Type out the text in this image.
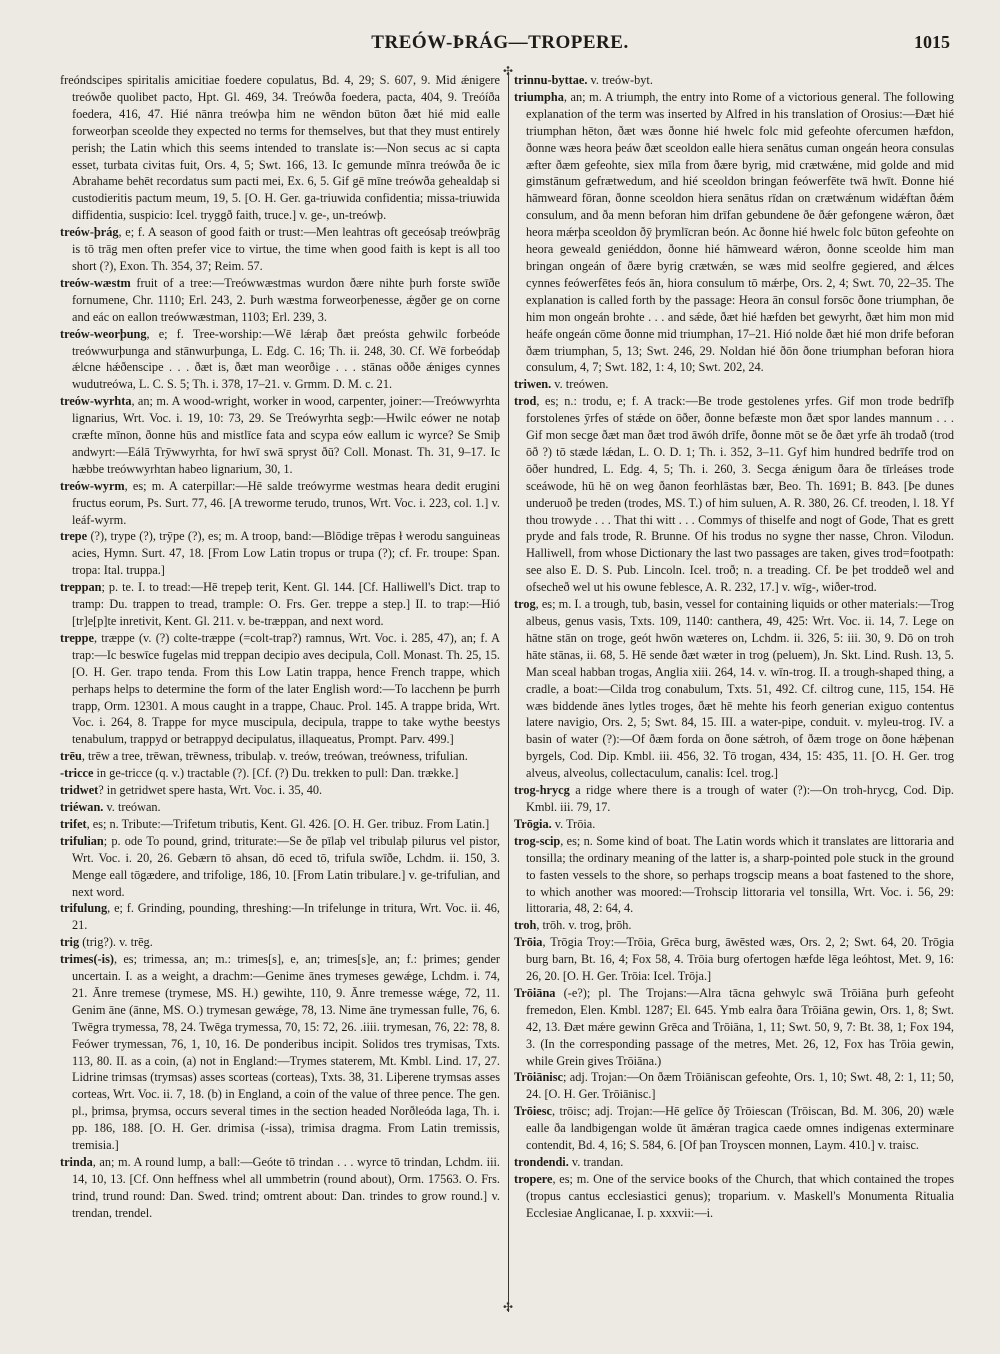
TREÓW-ÞRÁG—TROPERE.	1015
✣
✣

freóndscipes spiritalis amicitiae foedere copulatus, Bd. 4, 29; S. 607, 9. Mid ǽnigere treówðe quolibet pacto, Hpt. Gl. 469, 34. Treówða foedera, pacta, 404, 9. Treóíða foedera, 416, 47. Hié nānra treówþa him ne wēndon būton ðæt hié mid ealle forweorþan sceolde they expected no terms for themselves, but that they must entirely perish; the Latin which this seems intended to translate is:—Non secus ac si capta esset, turbata civitas fuit, Ors. 4, 5; Swt. 166, 13. Ic gemunde mīnra treówða ðe ic Abrahame behēt recordatus sum pacti mei, Ex. 6, 5. Gif gē mīne treówða gehealdaþ si custodieritis pactum meum, 19, 5. [O. H. Ger. ga-triuwida confidentia; missa-triuwida diffidentia, suspicio: Icel. tryggð faith, truce.] v. ge-, un-treówþ.

treów-þrág, e; f. A season of good faith or trust:—Men leahtras oft geceósaþ treówþrāg is tō trāg men often prefer vice to virtue, the time when good faith is kept is all too short (?), Exon. Th. 354, 37; Reim. 57.

treów-wæstm fruit of a tree:—Treówwæstmas wurdon ðære nihte þurh forste swīðe fornumene, Chr. 1110; Erl. 243, 2. Þurh wæstma forweorþenesse, ǽgðer ge on corne and eác on eallon treówwæstman, 1103; Erl. 239, 3.

treów-weorþung, e; f. Tree-worship:—Wē lǽraþ ðæt preósta gehwilc forbeóde treówwurþunga and stānwurþunga, L. Edg. C. 16; Th. ii. 248, 30. Cf. Wē forbeódaþ ǽlcne hǽðenscipe . . . ðæt is, ðæt man weorðige . . . stānas oððe ǽniges cynnes wudutreówa, L. C. S. 5; Th. i. 378, 17–21. v. Grmm. D. M. c. 21.

treów-wyrhta, an; m. A wood-wright, worker in wood, carpenter, joiner:—Treówwyrhta lignarius, Wrt. Voc. i. 19, 10: 73, 29. Se Treówyrhta segþ:—Hwilc eówer ne notaþ cræfte mīnon, ðonne hūs and mistlīce fata and scypa eów eallum ic wyrce? Se Smiþ andwyrt:—Eálā Trȳwwyrhta, for hwī swā spryst ðū? Coll. Monast. Th. 31, 9–17. Ic hæbbe treówwyrhtan habeo lignarium, 30, 1.

treów-wyrm, es; m. A caterpillar:—Hē salde treówyrme westmas heara dedit erugini fructus eorum, Ps. Surt. 77, 46. [A treworme terudo, trunos, Wrt. Voc. i. 223, col. 1.] v. leáf-wyrm.

trepe (?), trype (?), trȳpe (?), es; m. A troop, band:—Blōdige trēpas ł werodu sanguineas acies, Hymn. Surt. 47, 18. [From Low Latin tropus or trupa (?); cf. Fr. troupe: Span. tropa: Ital. truppa.]

treppan; p. te. I. to tread:—Hē trepeþ terit, Kent. Gl. 144. [Cf. Halliwell's Dict. trap to tramp: Du. trappen to tread, trample: O. Frs. Ger. treppe a step.] II. to trap:—Hió [tr]e[p]te inretivit, Kent. Gl. 211. v. be-træppan, and next word.

treppe, træppe (v. (?) colte-træppe (=colt-trap?) ramnus, Wrt. Voc. i. 285, 47), an; f. A trap:—Ic beswīce fugelas mid treppan decipio aves decipula, Coll. Monast. Th. 25, 15. [O. H. Ger. trapo tenda. From this Low Latin trappa, hence French trappe, which perhaps helps to determine the form of the later English word:—To lacchenn þe þurrh trapp, Orm. 12301. A mous caught in a trappe, Chauc. Prol. 145. A trappe brida, Wrt. Voc. i. 264, 8. Trappe for myce muscipula, decipula, trappe to take wythe beestys tenabulum, trappyd or betrappyd decipulatus, illaqueatus, Prompt. Parv. 499.]

trēu, trēw a tree, trēwan, trēwness, tribulaþ. v. treów, treówan, treówness, trifulian.

-tricce in ge-tricce (q. v.) tractable (?). [Cf. (?) Du. trekken to pull: Dan. trække.]

tridwet? in getridwet spere hasta, Wrt. Voc. i. 35, 40.

triéwan. v. treówan.

trifet, es; n. Tribute:—Trifetum tributis, Kent. Gl. 426. [O. H. Ger. tribuz. From Latin.]

trifulian; p. ode To pound, grind, triturate:—Se ðe pīlaþ vel tribulaþ pilurus vel pistor, Wrt. Voc. i. 20, 26. Gebærn tō ahsan, dō eced tō, trifula swīðe, Lchdm. ii. 150, 3. Menge eall tōgædere, and trifolige, 186, 10. [From Latin tribulare.] v. ge-trifulian, and next word.

trifulung, e; f. Grinding, pounding, threshing:—In trifelunge in tritura, Wrt. Voc. ii. 46, 21.

trig (trig?). v. trēg.

trimes(-is), es; trimessa, an; m.: trimes[s], e, an; trimes[s]e, an; f.: þrimes; gender uncertain. I. as a weight, a drachm:—Genime ānes trymeses gewǽge, Lchdm. i. 74, 21. Ānre tremese (trymese, MS. H.) gewihte, 110, 9. Ānre tremesse wǽge, 72, 11. Genim āne (ānne, MS. O.) trymesan gewǽge, 78, 13. Nime āne trymessan fulle, 76, 6. Twēgra trymessa, 78, 24. Twēga trymessa, 70, 15: 72, 26. .iiii. trymesan, 76, 22: 78, 8. Feówer trymessan, 76, 1, 10, 16. De ponderibus incipit. Solidos tres trymisas, Txts. 113, 80. II. as a coin, (a) not in England:—Trymes staterem, Mt. Kmbl. Lind. 17, 27. Lidrine trimsas (trymsas) asses scorteas (corteas), Txts. 38, 31. Liþerene trymsas asses corteas, Wrt. Voc. ii. 7, 18. (b) in England, a coin of the value of three pence. The gen. pl., þrimsa, þrymsa, occurs several times in the section headed Norðleóda laga, Th. i. pp. 186, 188. [O. H. Ger. drimisa (-issa), trimisa dragma. From Latin tremissis, tremisia.]

trinda, an; m. A round lump, a ball:—Geóte tō trindan . . . wyrce tō trindan, Lchdm. iii. 14, 10, 13. [Cf. Onn heffness whel all ummbetrin (round about), Orm. 17563. O. Frs. trind, trund round: Dan. Swed. trind; omtrent about: Dan. trindes to grow round.] v. trendan, trendel.

trinnu-byttae. v. treów-byt.

triumpha, an; m. A triumph, the entry into Rome of a victorious general. The following explanation of the term was inserted by Alfred in his translation of Orosius:—Ðæt hié triumphan hēton, ðæt wæs ðonne hié hwelc folc mid gefeohte ofercumen hæfdon, ðonne wæs heora þeáw ðæt sceoldon ealle hiera senātus cuman ongeán heora consulas æfter ðæm gefeohte, siex mīla from ðære byrig, mid crætwǽne, mid golde and mid gimstānum gefrætwedum, and hié sceoldon bringan feówerfēte twā hwīt. Ðonne hié hāmweard fōran, ðonne sceoldon hiera senātus rīdan on crætwǽnum widǽftan ðǽm consulum, and ða menn beforan him drīfan gebundene ðe ðǽr gefongene wǽron, ðæt heora mǽrþa sceoldon ðȳ þrymlīcran beón. Ac ðonne hié hwelc folc būton gefeohte on heora geweald geniéddon, ðonne hié hāmweard wǽron, ðonne sceolde him man bringan ongeán of ðære byrig crætwǽn, se wæs mid seolfre gegiered, and ǽlces cynnes feówerfētes feós ān, hiora consulum tō mǽrþe, Ors. 2, 4; Swt. 70, 22–35. The explanation is called forth by the passage: Heora ān consul forsōc ðone triumphan, ðe him mon ongeán brohte . . . and sǽde, ðæt hié hæfden bet gewyrht, ðæt him mon mid heáfe ongeán cōme ðonne mid triumphan, 17–21. Hió nolde ðæt hié mon drife beforan ðæm triumphan, 5, 13; Swt. 246, 29. Noldan hié ðōn ðone triumphan beforan hiora consulum, 4, 7; Swt. 182, 1: 4, 10; Swt. 202, 24.

triwen. v. treówen.

trod, es; n.: trodu, e; f. A track:—Be trode gestolenes yrfes. Gif mon trode bedrīfþ forstolenes ȳrfes of stǽde on ōðer, ðonne befæste mon ðæt spor landes mannum . . . Gif mon secge ðæt man ðæt trod āwóh drīfe, ðonne mōt se ðe ðæt yrfe āh trodað (trod ōð ?) tō stæde lǽdan, L. O. D. 1; Th. i. 352, 3–11. Gyf him hundred bedrīfe trod on ōðer hundred, L. Edg. 4, 5; Th. i. 260, 3. Secga ǽnigum ðara ðe tīrleáses trode sceáwode, hū hē on weg ðanon feorhlāstas bær, Beo. Th. 1691; B. 843. [Þe dunes underuoð þe treden (trodes, MS. T.) of him suluen, A. R. 380, 26. Cf. treoden, l. 18. Yf thou trowyde . . . That thi witt . . . Commys of thiselfe and nogt of Gode, That es grett pryde and fals trode, R. Brunne. Of his trodus no sygne ther nasse, Chron. Vilodun. Halliwell, from whose Dictionary the last two passages are taken, gives trod=footpath: see also E. D. S. Pub. Lincoln. Icel. troð; n. a treading. Cf. Þe þet troddeð wel and ofsecheð wel ut his owune feblesce, A. R. 232, 17.] v. wīg-, wiðer-trod.

trog, es; m. I. a trough, tub, basin, vessel for containing liquids or other materials:—Trog albeus, genus vasis, Txts. 109, 1140: canthera, 49, 425: Wrt. Voc. ii. 14, 7. Lege on hātne stān on troge, geót hwōn wæteres on, Lchdm. ii. 326, 5: iii. 30, 9. Dō on troh hāte stānas, ii. 68, 5. Hē sende ðæt wæter in trog (peluem), Jn. Skt. Lind. Rush. 13, 5. Man sceal habban trogas, Anglia xiii. 264, 14. v. wīn-trog. II. a trough-shaped thing, a cradle, a boat:—Cilda trog conabulum, Txts. 51, 492. Cf. ciltrog cune, 115, 154. Hē wæs biddende ānes lytles troges, ðæt hē mehte his feorh generian exiguo contentus latere navigio, Ors. 2, 5; Swt. 84, 15. III. a water-pipe, conduit. v. myleu-trog. IV. a basin of water (?):—Of ðæm forda on ðone sǽtroh, of ðæm troge on ðone hǽþenan byrgels, Cod. Dip. Kmbl. iii. 456, 32. Tō trogan, 434, 15: 435, 11. [O. H. Ger. trog alveus, alveolus, collectaculum, canalis: Icel. trog.]

trog-hrycg a ridge where there is a trough of water (?):—On troh-hrycg, Cod. Dip. Kmbl. iii. 79, 17.

Trōgia. v. Trōia.

trog-scip, es; n. Some kind of boat. The Latin words which it translates are littoraria and tonsilla; the ordinary meaning of the latter is, a sharp-pointed pole stuck in the ground to fasten vessels to the shore, so perhaps trogscip means a boat fastened to the shore, to which another was moored:—Trohscip littoraria vel tonsilla, Wrt. Voc. i. 56, 29: littoraria, 48, 2: 64, 4.

troh, trōh. v. trog, þrōh.

Trōia, Trōgia Troy:—Trōia, Grēca burg, āwēsted wæs, Ors. 2, 2; Swt. 64, 20. Trōgia burg barn, Bt. 16, 4; Fox 58, 4. Trōia burg ofertogen hæfde lēga leóhtost, Met. 9, 16: 26, 20. [O. H. Ger. Trōia: Icel. Trōja.]

Trōiāna (-e?); pl. The Trojans:—Alra tācna gehwylc swā Trōiāna þurh gefeoht fremedon, Elen. Kmbl. 1287; El. 645. Ymb ealra ðara Trōiāna gewin, Ors. 1, 8; Swt. 42, 13. Ðæt mǽre gewinn Grēca and Trōiāna, 1, 11; Swt. 50, 9, 7: Bt. 38, 1; Fox 194, 3. (In the corresponding passage of the metres, Met. 26, 12, Fox has Trōia gewin, while Grein gives Trōiāna.)

Trōiānisc; adj. Trojan:—On ðæm Trōiāniscan gefeohte, Ors. 1, 10; Swt. 48, 2: 1, 11; 50, 24. [O. H. Ger. Trōiānisc.]

Trōiesc, trōisc; adj. Trojan:—Hē gelīce ðȳ Trōiescan (Trōiscan, Bd. M. 306, 20) wæle ealle ða landbigengan wolde ūt āmǽran tragica caede omnes indigenas exterminare contendit, Bd. 4, 16; S. 584, 6. [Of þan Troyscen monnen, Laym. 410.] v. traisc.

trondendi. v. trandan.

tropere, es; m. One of the service books of the Church, that which contained the tropes (tropus cantus ecclesiastici genus); troparium. v. Maskell's Monumenta Ritualia Ecclesiae Anglicanae, I. p. xxxvii:—i.
